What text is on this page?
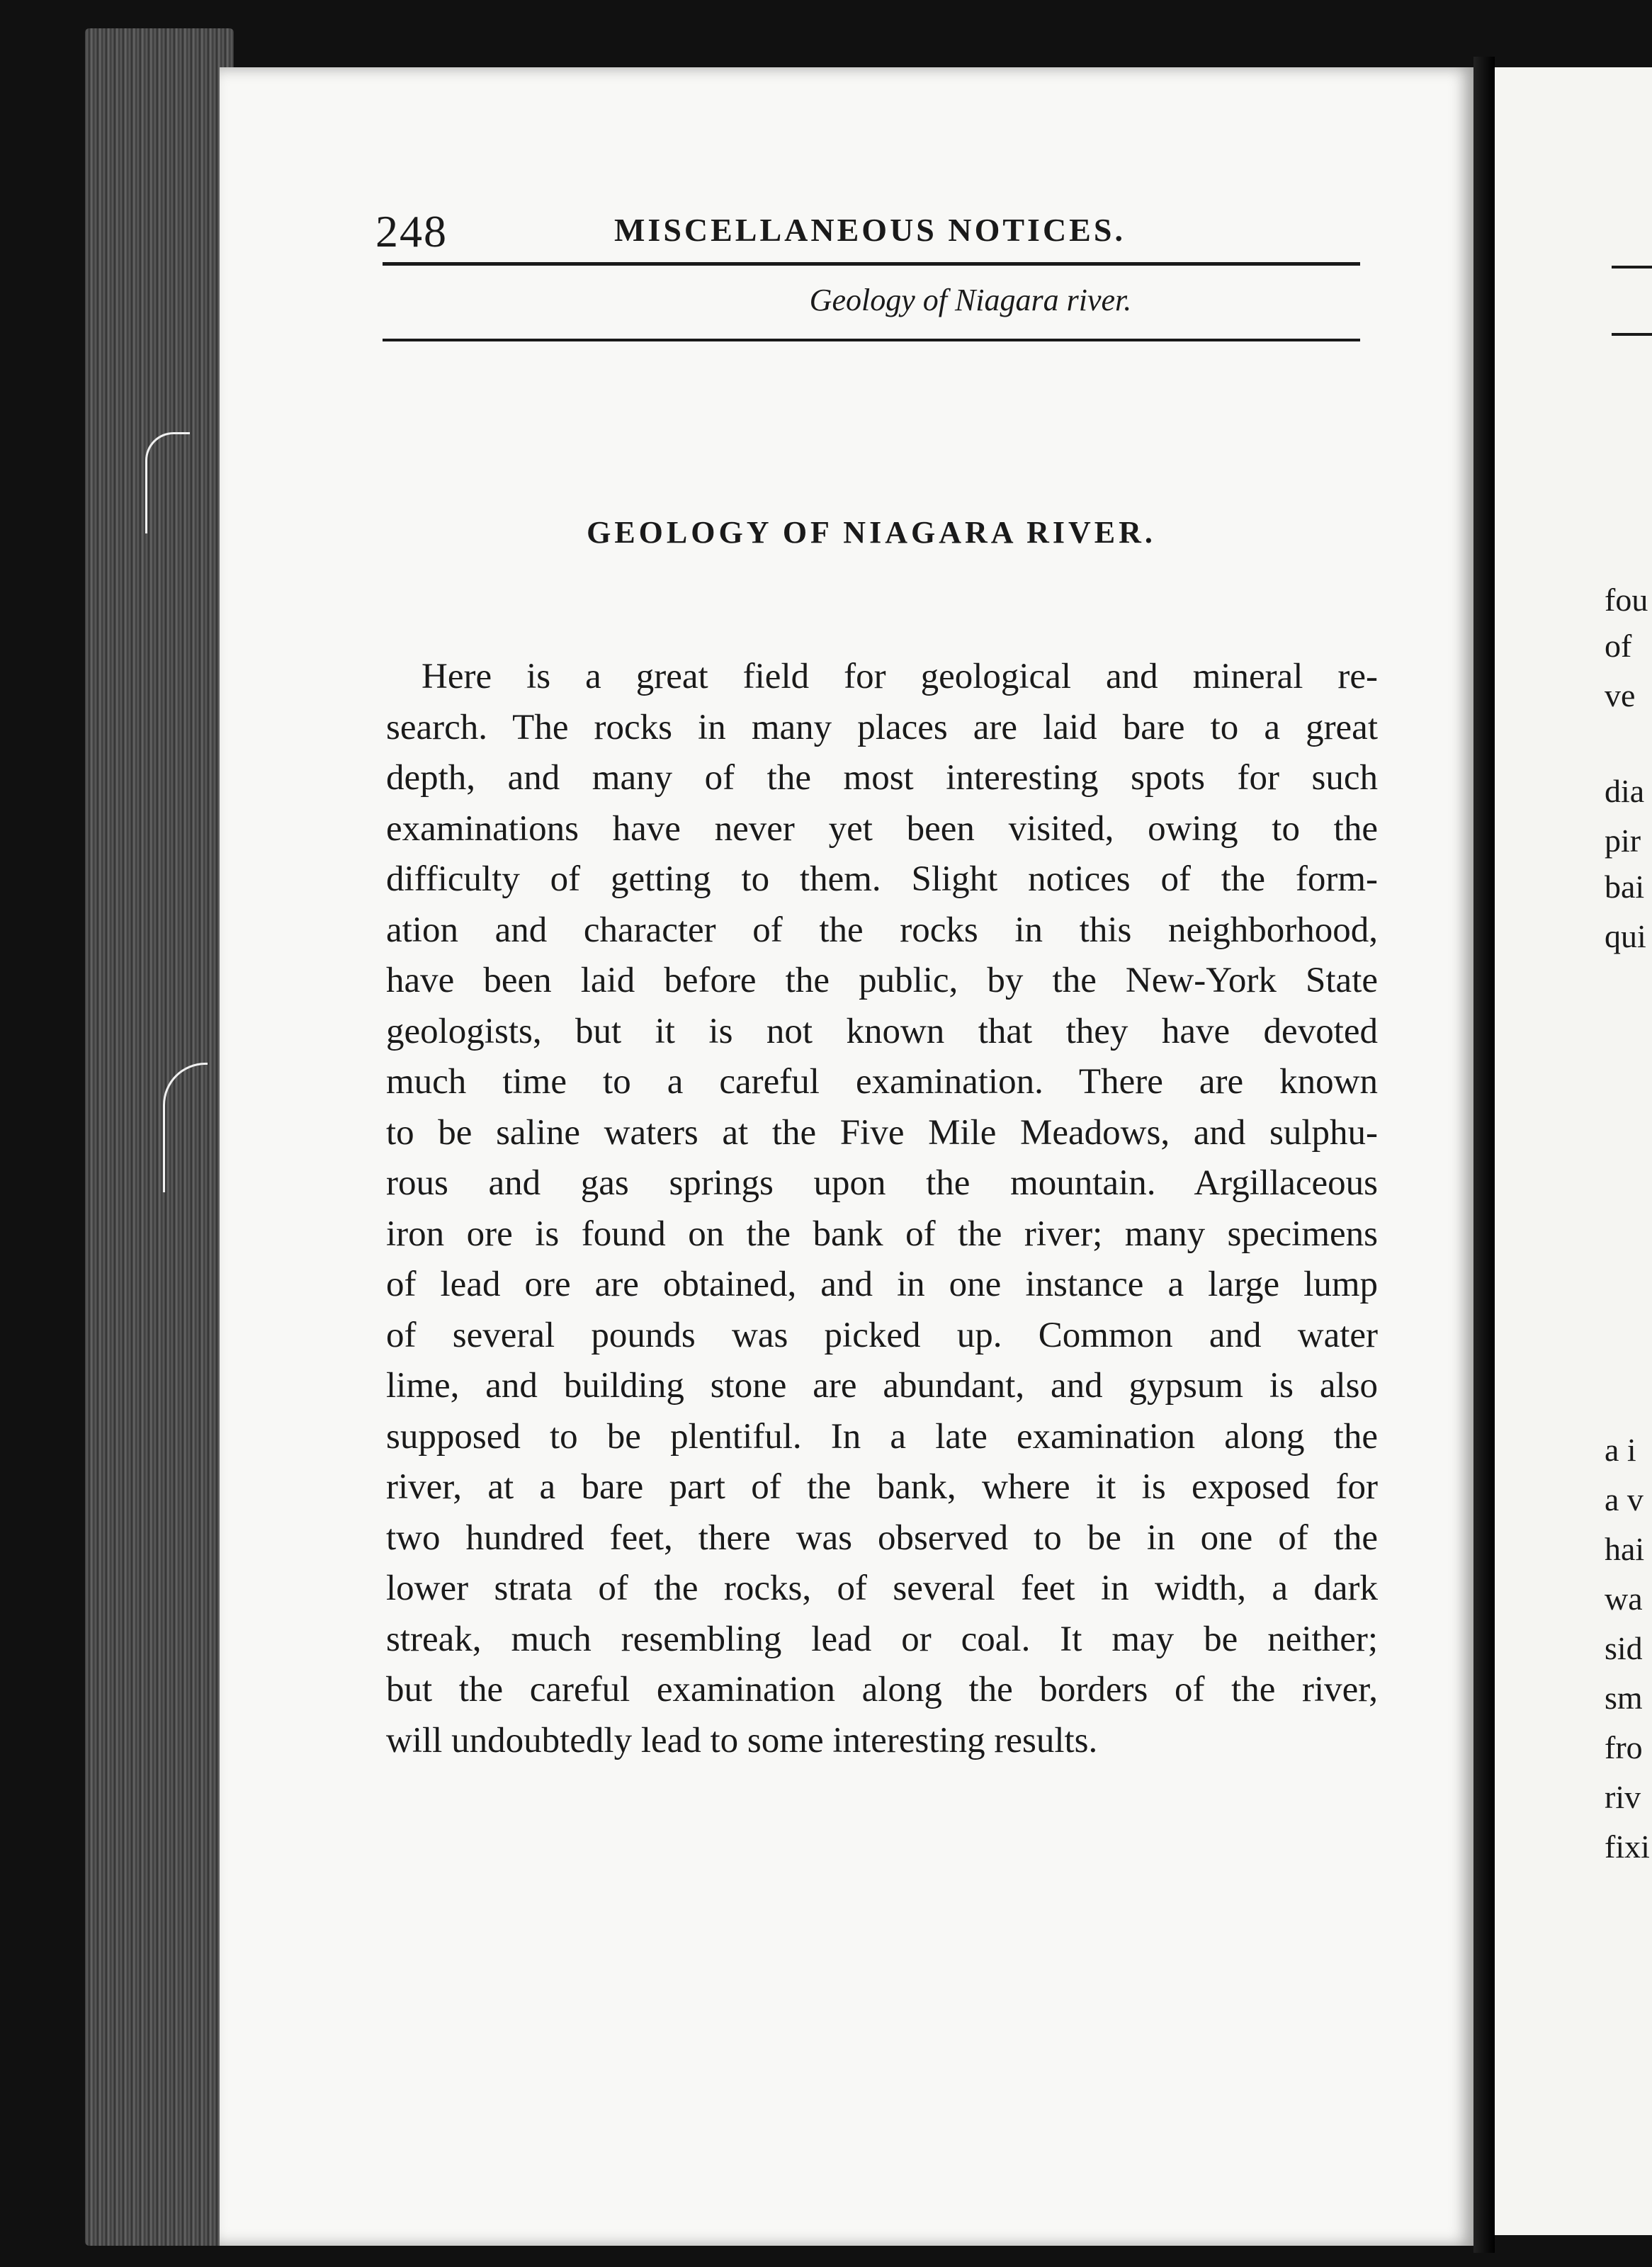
248	MISCELLANEOUS NOTICES.
Geology of Niagara river.
GEOLOGY OF NIAGARA RIVER.
Here is a great field for geological and mineral re-
search. The rocks in many places are laid bare to a great
depth, and many of the most interesting spots for such
examinations have never yet been visited, owing to the
difficulty of getting to them. Slight notices of the form-
ation and character of the rocks in this neighborhood,
have been laid before the public, by the New-York State
geologists, but it is not known that they have devoted
much time to a careful examination. There are known
to be saline waters at the Five Mile Meadows, and sulphu-
rous and gas springs upon the mountain. Argillaceous
iron ore is found on the bank of the river; many specimens
of lead ore are obtained, and in one instance a large lump
of several pounds was picked up. Common and water
lime, and building stone are abundant, and gypsum is also
supposed to be plentiful. In a late examination along the
river, at a bare part of the bank, where it is exposed for
two hundred feet, there was observed to be in one of the
lower strata of the rocks, of several feet in width, a dark
streak, much resembling lead or coal. It may be neither;
but the careful examination along the borders of the river,
will undoubtedly lead to some interesting results.
fou
of
ve
dia
pir
bai
qui
a i
a v
hai
wa
sid
sm
fro
riv
fixi
